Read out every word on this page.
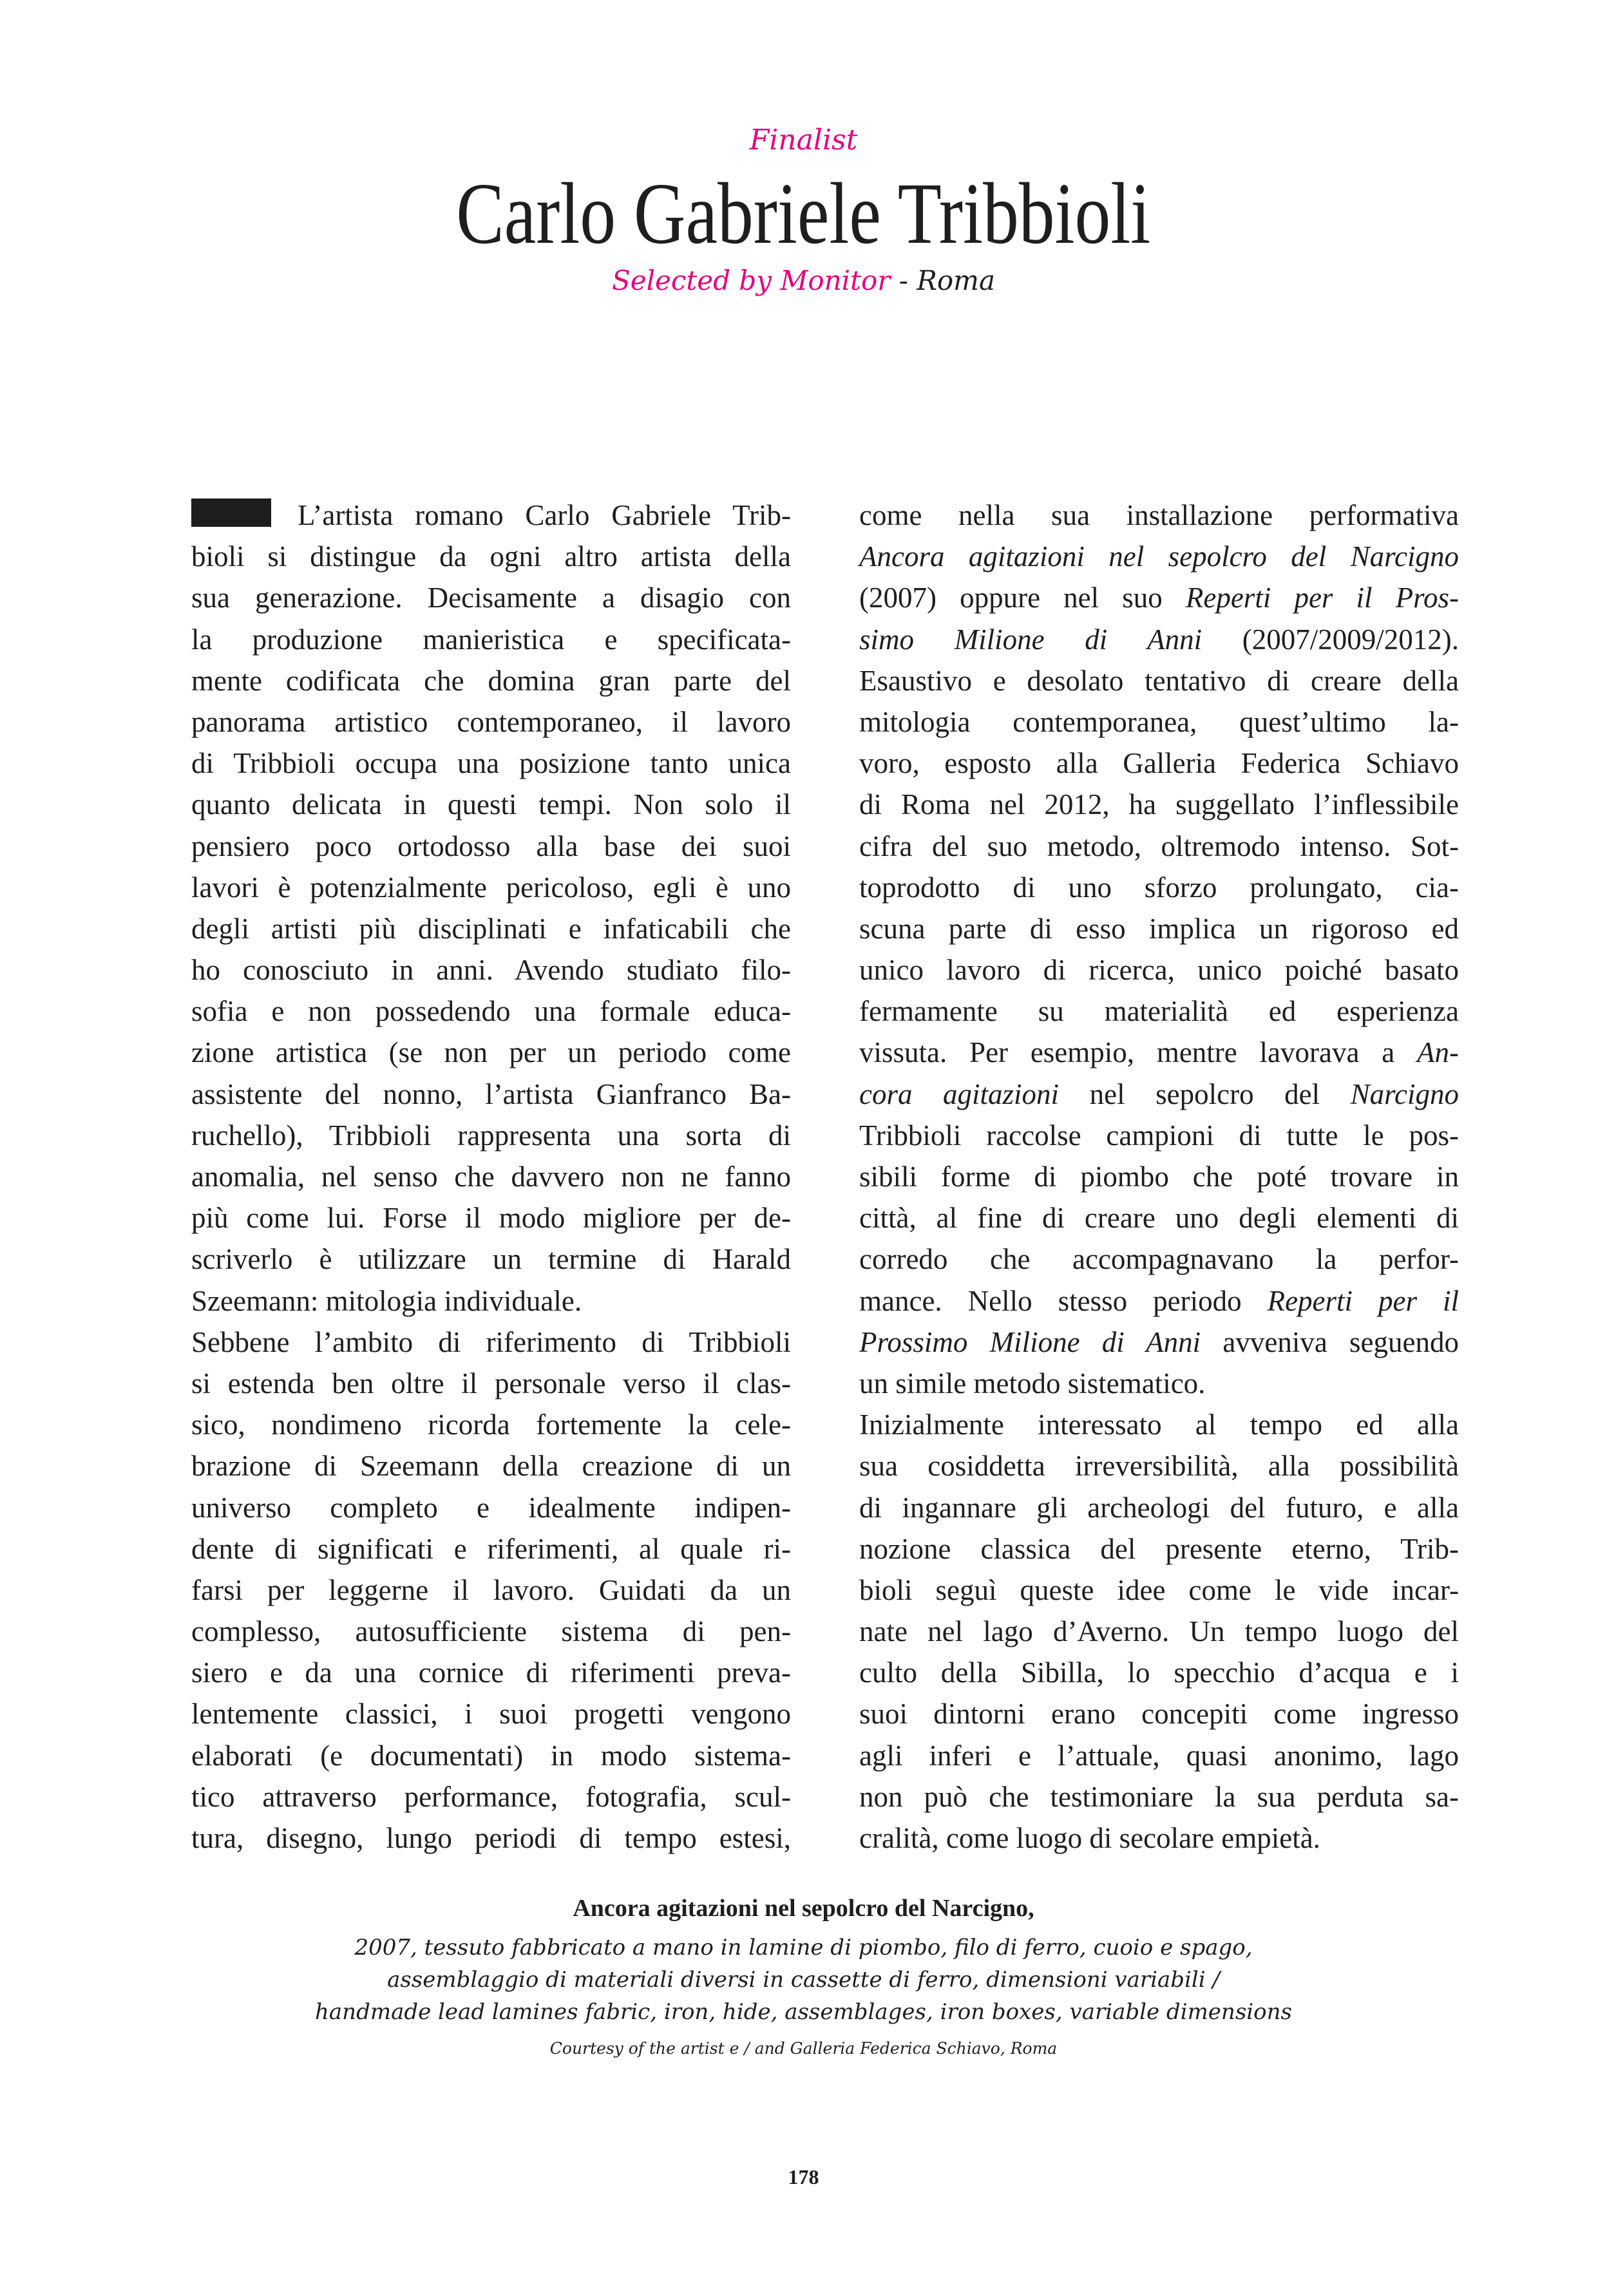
Finalist
Carlo Gabriele Tribbioli
Selected by Monitor - Roma
L’artista romano Carlo Gabriele Trib-
bioli si distingue da ogni altro artista della
sua generazione. Decisamente a disagio con
la produzione manieristica e specificata-
mente codificata che domina gran parte del
panorama artistico contemporaneo, il lavoro
di Tribbioli occupa una posizione tanto unica
quanto delicata in questi tempi. Non solo il
pensiero poco ortodosso alla base dei suoi
lavori è potenzialmente pericoloso, egli è uno
degli artisti più disciplinati e infaticabili che
ho conosciuto in anni. Avendo studiato filo-
sofia e non possedendo una formale educa-
zione artistica (se non per un periodo come
assistente del nonno, l’artista Gianfranco Ba-
ruchello), Tribbioli rappresenta una sorta di
anomalia, nel senso che davvero non ne fanno
più come lui. Forse il modo migliore per de-
scriverlo è utilizzare un termine di Harald
Szeemann: mitologia individuale.
Sebbene l’ambito di riferimento di Tribbioli
si estenda ben oltre il personale verso il clas-
sico, nondimeno ricorda fortemente la cele-
brazione di Szeemann della creazione di un
universo completo e idealmente indipen-
dente di significati e riferimenti, al quale ri-
farsi per leggerne il lavoro. Guidati da un
complesso, autosufficiente sistema di pen-
siero e da una cornice di riferimenti preva-
lentemente classici, i suoi progetti vengono
elaborati (e documentati) in modo sistema-
tico attraverso performance, fotografia, scul-
tura, disegno, lungo periodi di tempo estesi,
come nella sua installazione performativa
Ancora agitazioni nel sepolcro del Narcigno
(2007) oppure nel suo Reperti per il Pros-
simo Milione di Anni (2007/2009/2012).
Esaustivo e desolato tentativo di creare della
mitologia contemporanea, quest’ultimo la-
voro, esposto alla Galleria Federica Schiavo
di Roma nel 2012, ha suggellato l’inflessibile
cifra del suo metodo, oltremodo intenso. Sot-
toprodotto di uno sforzo prolungato, cia-
scuna parte di esso implica un rigoroso ed
unico lavoro di ricerca, unico poiché basato
fermamente su materialità ed esperienza
vissuta. Per esempio, mentre lavorava a An-
cora agitazioni nel sepolcro del Narcigno
Tribbioli raccolse campioni di tutte le pos-
sibili forme di piombo che poté trovare in
città, al fine di creare uno degli elementi di
corredo che accompagnavano la perfor-
mance. Nello stesso periodo Reperti per il
Prossimo Milione di Anni avveniva seguendo
un simile metodo sistematico.
Inizialmente interessato al tempo ed alla
sua cosiddetta irreversibilità, alla possibilità
di ingannare gli archeologi del futuro, e alla
nozione classica del presente eterno, Trib-
bioli seguì queste idee come le vide incar-
nate nel lago d’Averno. Un tempo luogo del
culto della Sibilla, lo specchio d’acqua e i
suoi dintorni erano concepiti come ingresso
agli inferi e l’attuale, quasi anonimo, lago
non può che testimoniare la sua perduta sa-
cralità, come luogo di secolare empietà.
Ancora agitazioni nel sepolcro del Narcigno,
2007, tessuto fabbricato a mano in lamine di piombo, filo di ferro, cuoio e spago,
assemblaggio di materiali diversi in cassette di ferro, dimensioni variabili /
handmade lead lamines fabric, iron, hide, assemblages, iron boxes, variable dimensions
Courtesy of the artist e / and Galleria Federica Schiavo, Roma
178
